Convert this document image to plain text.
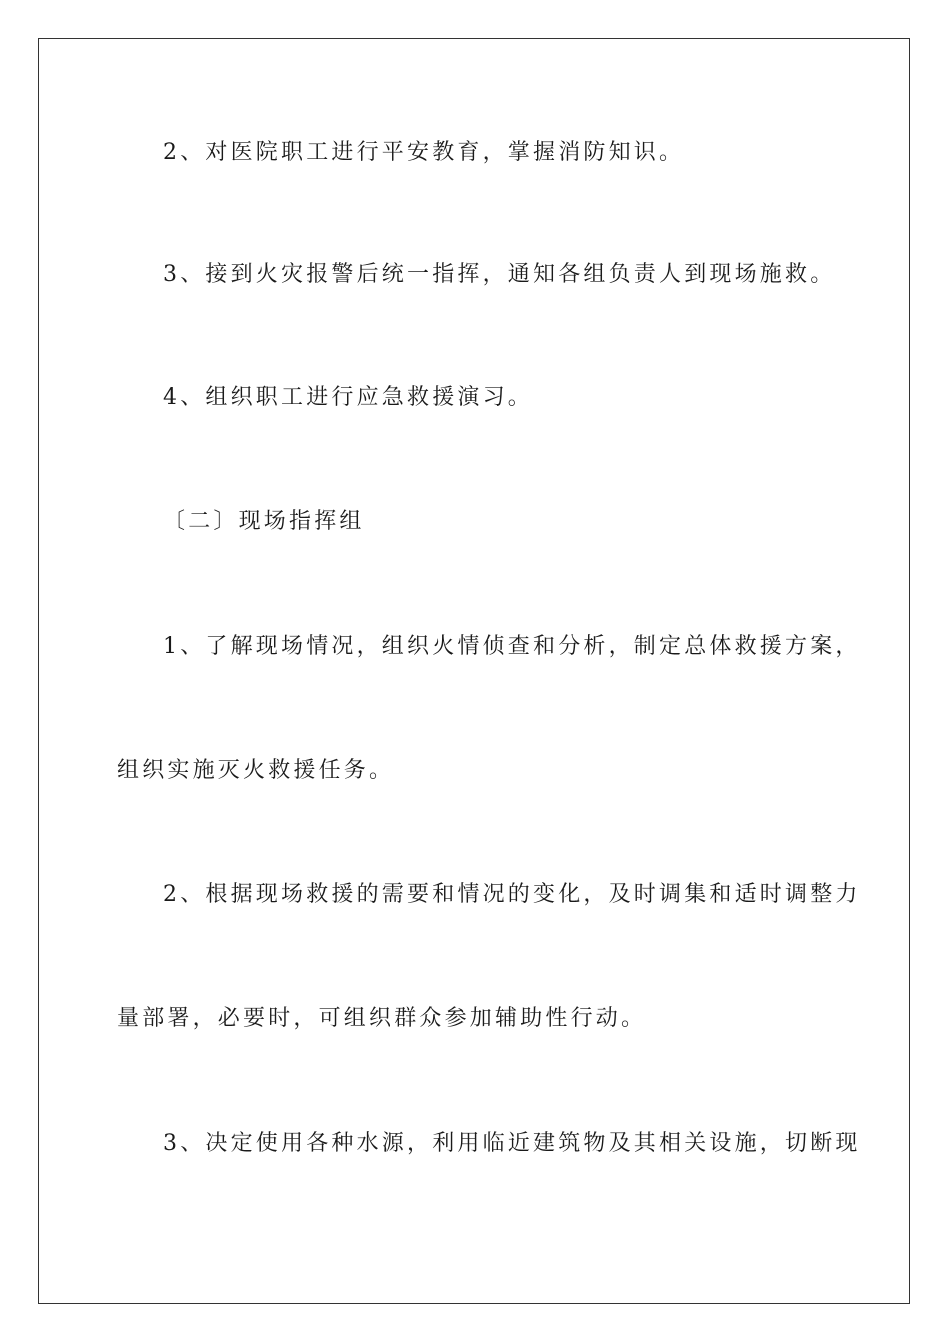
2、对医院职工进行平安教育，掌握消防知识。

3、接到火灾报警后统一指挥，通知各组负责人到现场施救。

4、组织职工进行应急救援演习。

〔二〕现场指挥组

1、了解现场情况，组织火情侦查和分析，制定总体救援方案，

组织实施灭火救援任务。

2、根据现场救援的需要和情况的变化，及时调集和适时调整力

量部署，必要时，可组织群众参加辅助性行动。

3、决定使用各种水源，利用临近建筑物及其相关设施，切断现
